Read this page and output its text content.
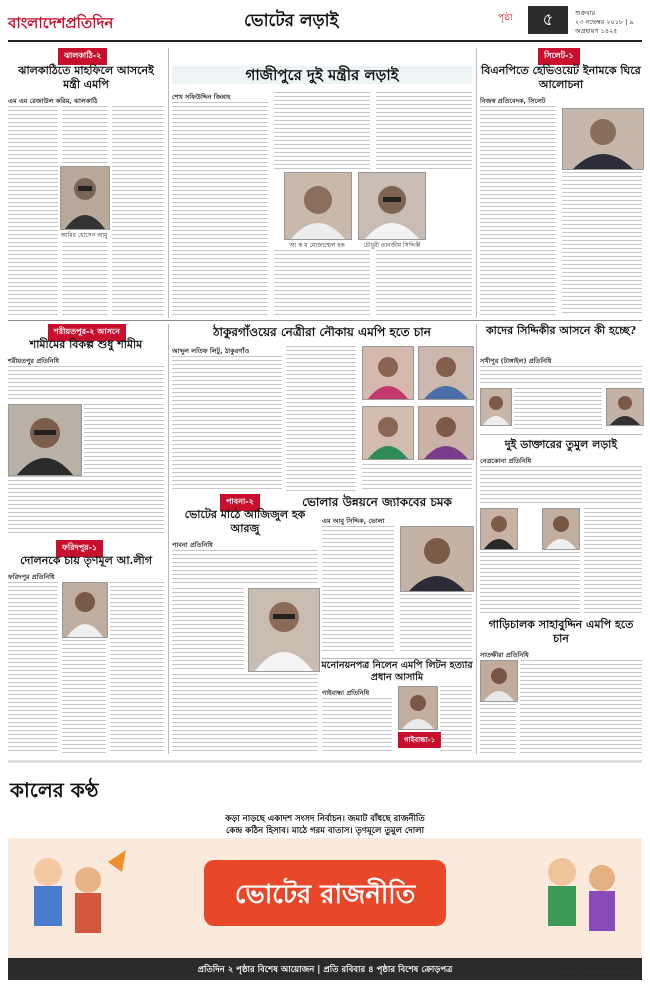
বাংলাদেশপ্রতিদিন	ভোটের লড়াই	৫
পৃষ্ঠা	শুক্রবার
২৩ নভেম্বর ২০১৮ | ৯ অগ্রহায়ণ ১৪২৫
ঝালকাঠি-২
ঝালকাঠিতে মাহফিলে আসনেই মন্ত্রী এমপি
এম এম রেজাউল করিম, ঝালকাঠি
আমির হোসেন আমু
গাজীপুরে দুই মন্ত্রীর লড়াই
শেখ সফিউদ্দিন জিন্নাহ
আ ক ম মোজাম্মেল হক	চৌধুরী তানজীম সিদ্দিকী
সিলেট-১
বিএনপিতে হেভিওয়েট ইনামকে ঘিরে আলোচনা
নিজস্ব প্রতিবেদক, সিলেট
শরীয়তপুর-২ আসনে
শামীমের বিকল্প শুধু শামীম
শরীয়তপুর প্রতিনিধি
ঠাকুরগাঁওয়ের নেত্রীরা নৌকায় এমপি হতে চান
আব্দুল লতিফ লিটু, ঠাকুরগাঁও
কাদের সিদ্দিকীর আসনে কী হচ্ছে?
সখীপুর (টাঙ্গাইল) প্রতিনিধি
দুই ডাক্তারের তুমুল লড়াই
নেত্রকোনা প্রতিনিধি
পাবনা-২
ভোটের মাঠে আজিজুল হক আরজু
পাবনা প্রতিনিধি
ভোলার উন্নয়নে জ্যাকবের চমক
এম আবু সিদ্দিক, ভোলা
মনোনয়নপত্র নিলেন এমপি লিটন হত্যার প্রধান আসামি
গাইবান্ধা প্রতিনিধি
গাইবান্ধা-১
ফরিদপুর-১
দোলনকে চায় তৃণমূল আ.লীগ
ফরিদপুর প্রতিনিধি
গাড়িচালক সাহাবুদ্দিন এমপি হতে চান
সাতক্ষীরা প্রতিনিধি
কালের কণ্ঠ
কড়া নাড়ছে একাদশ সংসদ নির্বাচন। জমাট বাঁধছে রাজনীতি
কেন্দ্র কঠিন হিসাব। মাঠে গরম বাতাস। তৃণমূলে তুমুল দোলা
ভোটের রাজনীতি
প্রতিদিন ২ পৃষ্ঠার বিশেষ আয়োজন | প্রতি রবিবার ৪ পৃষ্ঠার বিশেষ ক্রোড়পত্র	www.kalerkantho.com
